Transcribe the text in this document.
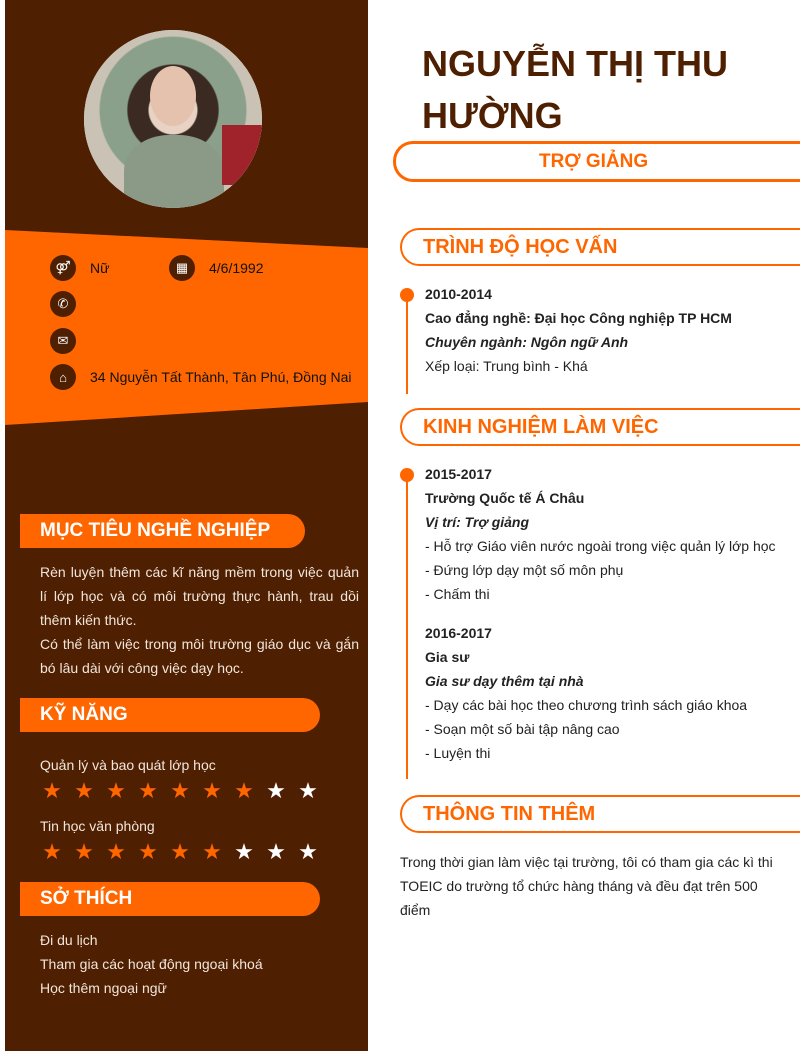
⚤	Nữ	▦	4/6/1992
✆
✉
⌂	34 Nguyễn Tất Thành, Tân Phú, Đồng Nai
MỤC TIÊU NGHỀ NGHIỆP
Rèn luyện thêm các kĩ năng mềm trong việc quản lí lớp học và có môi trường thực hành, trau dồi thêm kiến thức.
Có thể làm việc trong môi trường giáo dục và gắn bó lâu dài với công việc dạy học.
KỸ NĂNG
Quản lý và bao quát lớp học
★ ★ ★ ★ ★ ★ ★ ★ ★
Tin học văn phòng
★ ★ ★ ★ ★ ★ ★ ★ ★
SỞ THÍCH
Đi du lịch
Tham gia các hoạt động ngoại khoá
Học thêm ngoại ngữ
NGUYỄN THỊ THU HƯỜNG
TRỢ GIẢNG
TRÌNH ĐỘ HỌC VẤN
2010-2014
Cao đẳng nghề: Đại học Công nghiệp TP HCM
Chuyên ngành: Ngôn ngữ Anh
Xếp loại: Trung bình - Khá
KINH NGHIỆM LÀM VIỆC
2015-2017
Trường Quốc tế Á Châu
Vị trí: Trợ giảng
- Hỗ trợ Giáo viên nước ngoài trong việc quản lý lớp học
- Đứng lớp dạy một số môn phụ
- Chấm thi
2016-2017
Gia sư
Gia sư dạy thêm tại nhà
- Dạy các bài học theo chương trình sách giáo khoa
- Soạn một số bài tập nâng cao
- Luyện thi
THÔNG TIN THÊM
Trong thời gian làm việc tại trường, tôi có tham gia các kì thi TOEIC do trường tổ chức hàng tháng và đều đạt trên 500 điểm
